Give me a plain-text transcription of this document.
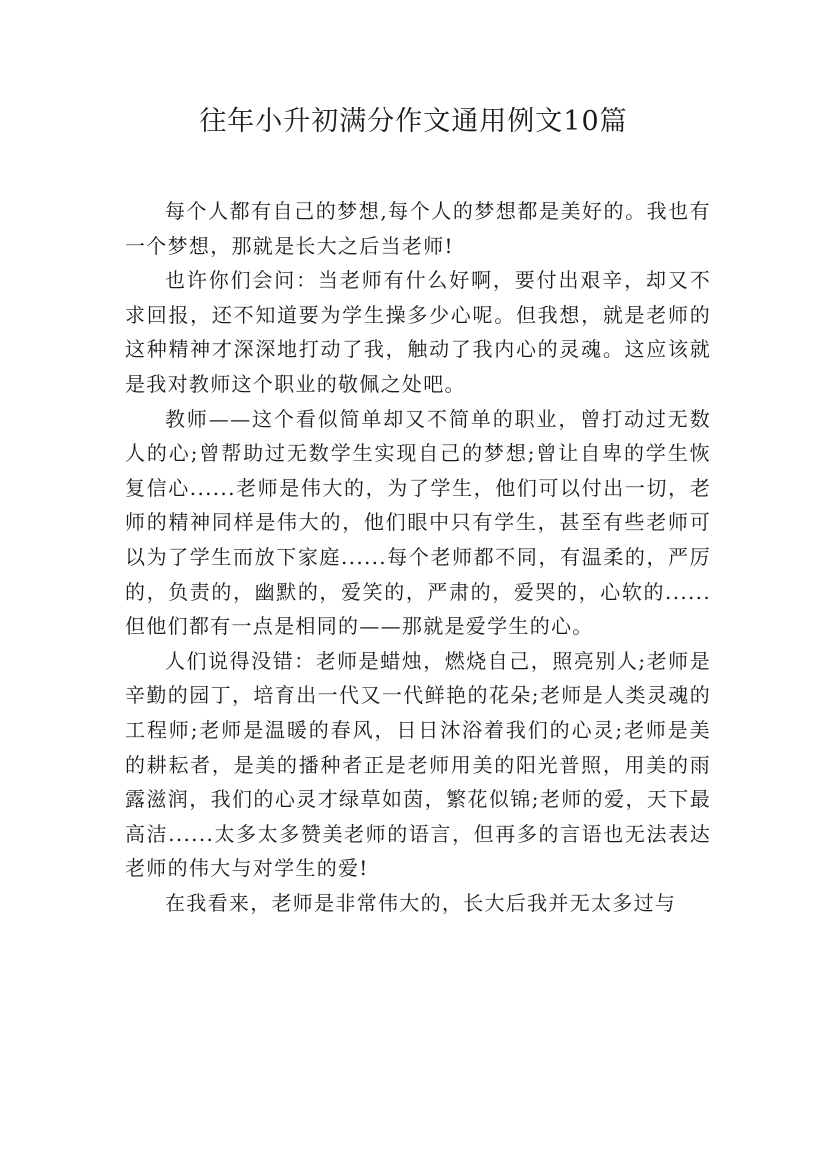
往年小升初满分作文通用例文10篇

每个人都有自己的梦想,每个人的梦想都是美好的。我也有一个梦想，那就是长大之后当老师!

也许你们会问：当老师有什么好啊，要付出艰辛，却又不求回报，还不知道要为学生操多少心呢。但我想，就是老师的这种精神才深深地打动了我，触动了我内心的灵魂。这应该就是我对教师这个职业的敬佩之处吧。

教师——这个看似简单却又不简单的职业，曾打动过无数人的心;曾帮助过无数学生实现自己的梦想;曾让自卑的学生恢复信心......老师是伟大的，为了学生，他们可以付出一切，老师的精神同样是伟大的，他们眼中只有学生，甚至有些老师可以为了学生而放下家庭......每个老师都不同，有温柔的，严厉的，负责的，幽默的，爱笑的，严肃的，爱哭的，心软的......但他们都有一点是相同的——那就是爱学生的心。

人们说得没错：老师是蜡烛，燃烧自己，照亮别人;老师是辛勤的园丁，培育出一代又一代鲜艳的花朵;老师是人类灵魂的工程师;老师是温暖的春风，日日沐浴着我们的心灵;老师是美的耕耘者，是美的播种者正是老师用美的阳光普照，用美的雨露滋润，我们的心灵才绿草如茵，繁花似锦;老师的爱，天下最高洁......太多太多赞美老师的语言，但再多的言语也无法表达老师的伟大与对学生的爱!

在我看来，老师是非常伟大的，长大后我并无太多过与
